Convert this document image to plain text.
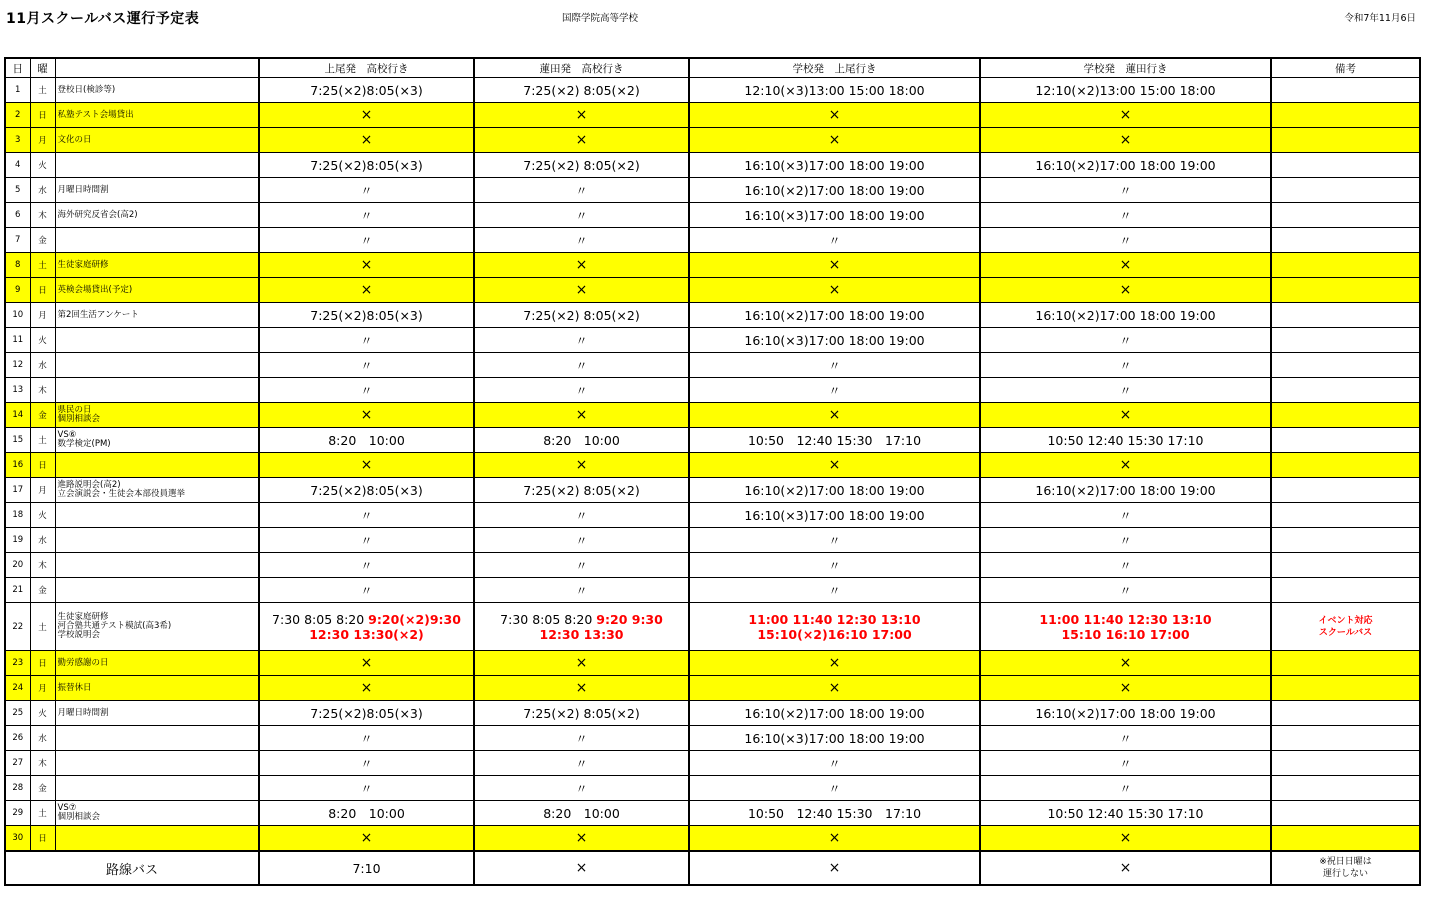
11月スクールバス運行予定表	国際学院高等学校	令和7年11月6日
日	曜		上尾発　高校行き	蓮田発　高校行き	学校発　上尾行き	学校発　蓮田行き	備考
1	土	登校日(検診等)	7:25(×2)8:05(×3)	7:25(×2) 8:05(×2)	12:10(×3)13:00 15:00 18:00	12:10(×2)13:00 15:00 18:00	
2	日	私塾テスト会場貸出	×	×	×	×	
3	月	文化の日	×	×	×	×	
4	火		7:25(×2)8:05(×3)	7:25(×2) 8:05(×2)	16:10(×3)17:00 18:00 19:00	16:10(×2)17:00 18:00 19:00	
5	水	月曜日時間割	〃	〃	16:10(×2)17:00 18:00 19:00	〃	
6	木	海外研究反省会(高2)	〃	〃	16:10(×3)17:00 18:00 19:00	〃	
7	金		〃	〃	〃	〃	
8	土	生徒家庭研修	×	×	×	×	
9	日	英検会場貸出(予定)	×	×	×	×	
10	月	第2回生活アンケート	7:25(×2)8:05(×3)	7:25(×2) 8:05(×2)	16:10(×2)17:00 18:00 19:00	16:10(×2)17:00 18:00 19:00	
11	火		〃	〃	16:10(×3)17:00 18:00 19:00	〃	
12	水		〃	〃	〃	〃	
13	木		〃	〃	〃	〃	
14	金	県民の日
個別相談会	×	×	×	×	
15	土	VS⑥
数学検定(PM)	8:20　10:00	8:20　10:00	10:50　12:40 15:30　17:10	10:50 12:40 15:30 17:10	
16	日		×	×	×	×	
17	月	進路説明会(高2)
立会演説会・生徒会本部役員選挙	7:25(×2)8:05(×3)	7:25(×2) 8:05(×2)	16:10(×2)17:00 18:00 19:00	16:10(×2)17:00 18:00 19:00	
18	火		〃	〃	16:10(×3)17:00 18:00 19:00	〃	
19	水		〃	〃	〃	〃	
20	木		〃	〃	〃	〃	
21	金		〃	〃	〃	〃	
22	土	生徒家庭研修
河合塾共通テスト模試(高3希)
学校説明会	7:30 8:05 8:20 9:20(×2)9:30
12:30 13:30(×2)	7:30 8:05 8:20 9:20 9:30
12:30 13:30	11:00 11:40 12:30 13:10
15:10(×2)16:10 17:00	11:00 11:40 12:30 13:10
15:10 16:10 17:00	イベント対応
スクールバス
23	日	勤労感謝の日	×	×	×	×	
24	月	振替休日	×	×	×	×	
25	火	月曜日時間割	7:25(×2)8:05(×3)	7:25(×2) 8:05(×2)	16:10(×2)17:00 18:00 19:00	16:10(×2)17:00 18:00 19:00	
26	水		〃	〃	16:10(×3)17:00 18:00 19:00	〃	
27	木		〃	〃	〃	〃	
28	金		〃	〃	〃	〃	
29	土	VS⑦
個別相談会	8:20　10:00	8:20　10:00	10:50　12:40 15:30　17:10	10:50 12:40 15:30 17:10	
30	日		×	×	×	×	
路線バス			7:10	×	×	×	※祝日日曜は
運行しない
